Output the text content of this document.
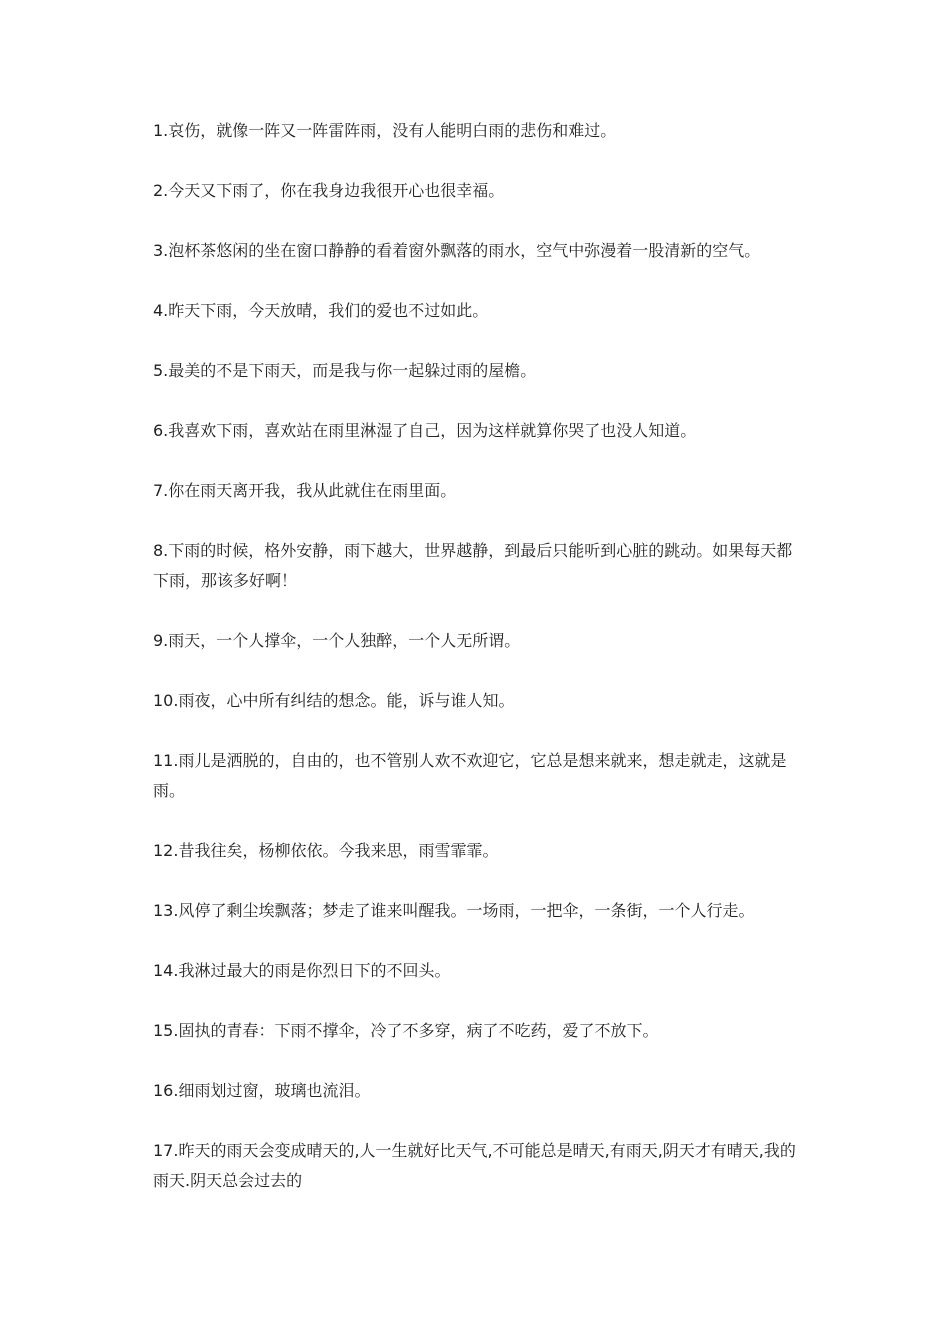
1.哀伤，就像一阵又一阵雷阵雨，没有人能明白雨的悲伤和难过。
2.今天又下雨了，你在我身边我很开心也很幸福。
3.泡杯茶悠闲的坐在窗口静静的看着窗外飘落的雨水，空气中弥漫着一股清新的空气。
4.昨天下雨，今天放晴，我们的爱也不过如此。
5.最美的不是下雨天，而是我与你一起躲过雨的屋檐。
6.我喜欢下雨，喜欢站在雨里淋湿了自己，因为这样就算你哭了也没人知道。
7.你在雨天离开我，我从此就住在雨里面。
8.下雨的时候，格外安静，雨下越大，世界越静，到最后只能听到心脏的跳动。如果每天都下雨，那该多好啊！
9.雨天，一个人撑伞，一个人独醉，一个人无所谓。
10.雨夜，心中所有纠结的想念。能，诉与谁人知。
11.雨儿是洒脱的，自由的，也不管别人欢不欢迎它，它总是想来就来，想走就走，这就是雨。
12.昔我往矣，杨柳依依。今我来思，雨雪霏霏。
13.风停了剩尘埃飘落；梦走了谁来叫醒我。一场雨，一把伞，一条街，一个人行走。
14.我淋过最大的雨是你烈日下的不回头。
15.固执的青春：下雨不撑伞，冷了不多穿，病了不吃药，爱了不放下。
16.细雨划过窗，玻璃也流泪。
17.昨天的雨天会变成晴天的,人一生就好比天气,不可能总是晴天,有雨天,阴天才有晴天,我的雨天.阴天总会过去的
